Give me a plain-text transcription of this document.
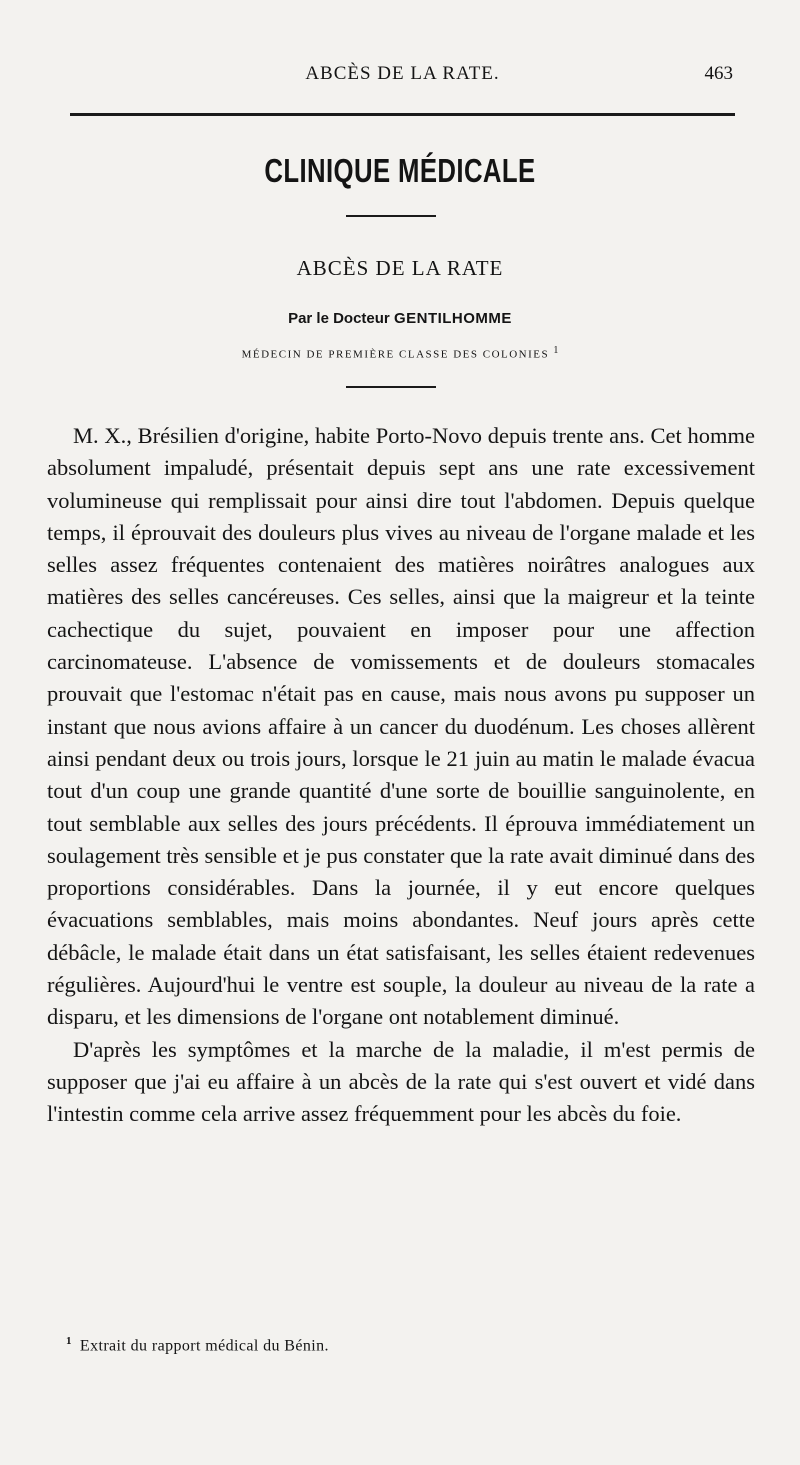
ABCÈS DE LA RATE.	463
CLINIQUE MÉDICALE
ABCÈS DE LA RATE
Par le Docteur GENTILHOMME
MÉDECIN DE PREMIÈRE CLASSE DES COLONIES $^1$

M. X., Brésilien d'origine, habite Porto-Novo depuis trente ans. Cet homme absolument impaludé, présentait depuis sept ans une rate excessivement volumineuse qui remplissait pour ainsi dire tout l'abdomen. Depuis quelque temps, il éprouvait des douleurs plus vives au niveau de l'organe malade et les selles assez fréquentes contenaient des matières noirâtres analogues aux matières des selles cancéreuses. Ces selles, ainsi que la maigreur et la teinte cachectique du sujet, pouvaient en imposer pour une affection carcinomateuse. L'absence de vomissements et de douleurs stomacales prouvait que l'estomac n'était pas en cause, mais nous avons pu supposer un instant que nous avions affaire à un cancer du duodénum. Les choses allèrent ainsi pendant deux ou trois jours, lorsque le 21 juin au matin le malade évacua tout d'un coup une grande quantité d'une sorte de bouillie sanguinolente, en tout semblable aux selles des jours précédents. Il éprouva immédiatement un soulagement très sensible et je pus constater que la rate avait diminué dans des proportions considérables. Dans la journée, il y eut encore quelques évacuations semblables, mais moins abondantes. Neuf jours après cette débâcle, le malade était dans un état satisfaisant, les selles étaient redevenues régulières. Aujourd'hui le ventre est souple, la douleur au niveau de la rate a disparu, et les dimensions de l'organe ont notablement diminué.

D'après les symptômes et la marche de la maladie, il m'est permis de supposer que j'ai eu affaire à un abcès de la rate qui s'est ouvert et vidé dans l'intestin comme cela arrive assez fréquemment pour les abcès du foie.

$^1$ Extrait du rapport médical du Bénin.
